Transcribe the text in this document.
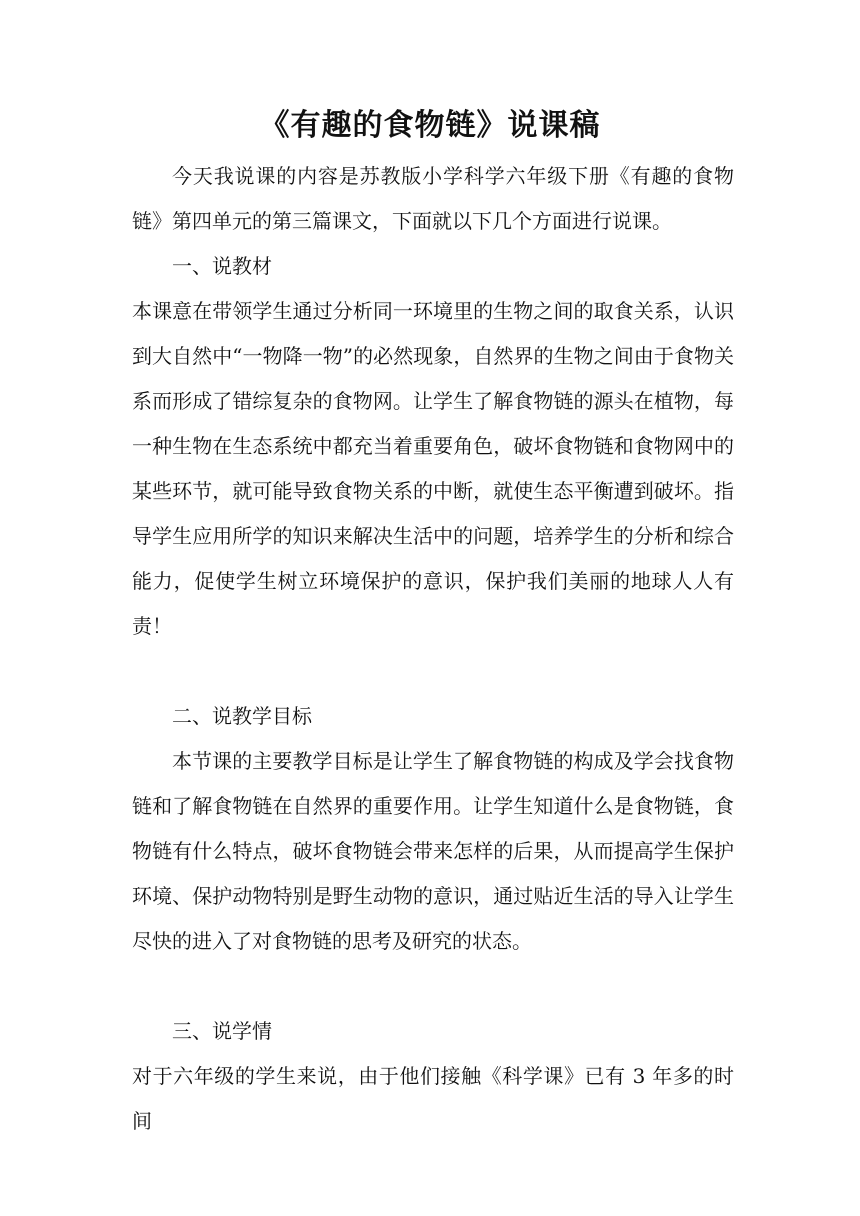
《有趣的食物链》说课稿

今天我说课的内容是苏教版小学科学六年级下册《有趣的食物链》第四单元的第三篇课文，下面就以下几个方面进行说课。

一、说教材

本课意在带领学生通过分析同一环境里的生物之间的取食关系，认识到大自然中“一物降一物”的必然现象，自然界的生物之间由于食物关系而形成了错综复杂的食物网。让学生了解食物链的源头在植物，每一种生物在生态系统中都充当着重要角色，破坏食物链和食物网中的某些环节，就可能导致食物关系的中断，就使生态平衡遭到破坏。指导学生应用所学的知识来解决生活中的问题，培养学生的分析和综合能力，促使学生树立环境保护的意识，保护我们美丽的地球人人有责！

二、说教学目标

本节课的主要教学目标是让学生了解食物链的构成及学会找食物链和了解食物链在自然界的重要作用。让学生知道什么是食物链，食物链有什么特点，破坏食物链会带来怎样的后果，从而提高学生保护环境、保护动物特别是野生动物的意识，通过贴近生活的导入让学生尽快的进入了对食物链的思考及研究的状态。

三、说学情

对于六年级的学生来说，由于他们接触《科学课》已有 3 年多的时间
